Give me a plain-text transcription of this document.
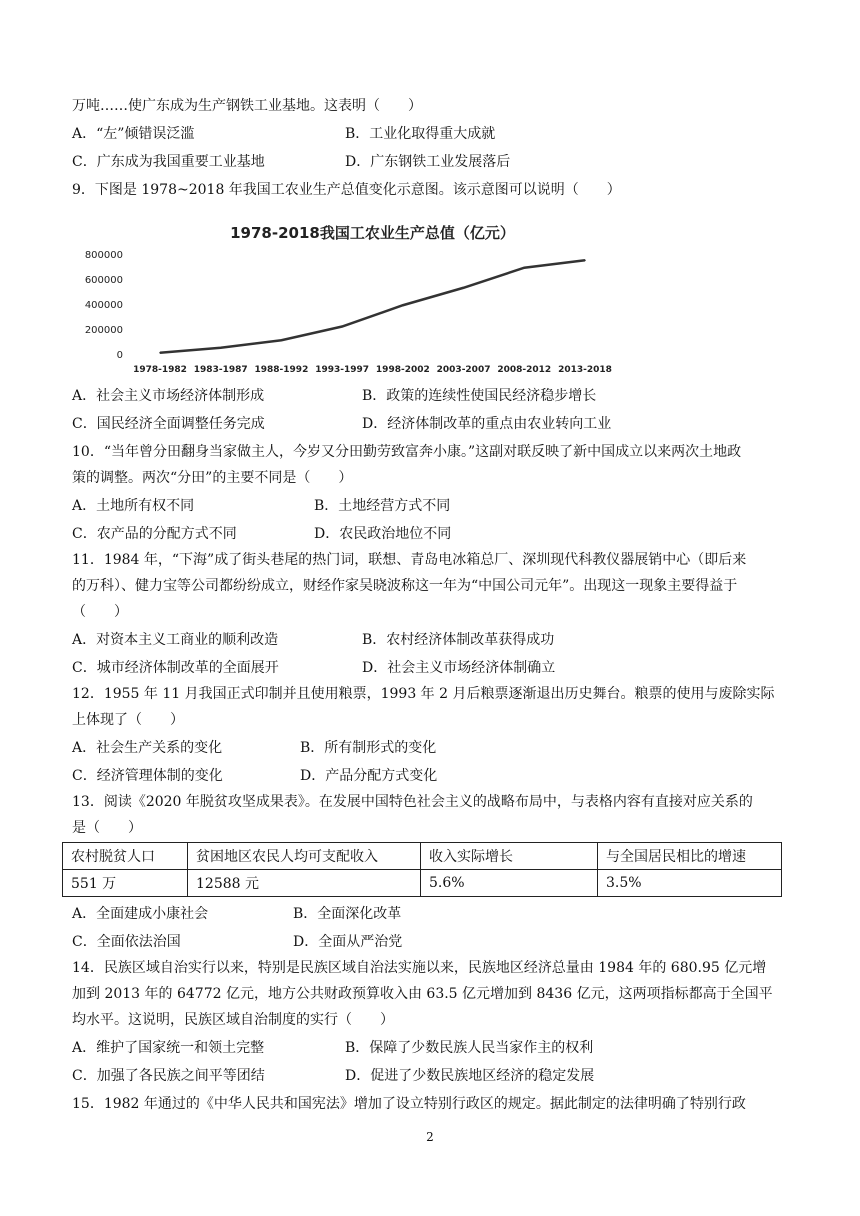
万吨……使广东成为生产钢铁工业基地。这表明（　　）
A．“左”倾错误泛滥	B．工业化取得重大成就
C．广东成为我国重要工业基地	D．广东钢铁工业发展落后
9．下图是 1978~2018 年我国工农业生产总值变化示意图。该示意图可以说明（　　）
1978-2018我国工农业生产总值（亿元）
0
200000
400000
600000
800000
1978-1982 1983-1987 1988-1992 1993-1997 1998-2002 2003-2007 2008-2012 2013-2018
A．社会主义市场经济体制形成	B．政策的连续性使国民经济稳步增长
C．国民经济全面调整任务完成	D．经济体制改革的重点由农业转向工业
10．“当年曾分田翻身当家做主人，今岁又分田勤劳致富奔小康。”这副对联反映了新中国成立以来两次土地政
策的调整。两次“分田”的主要不同是（　　）
A．土地所有权不同	B．土地经营方式不同
C．农产品的分配方式不同	D．农民政治地位不同
11．1984 年，“下海”成了街头巷尾的热门词，联想、青岛电冰箱总厂、深圳现代科教仪器展销中心（即后来
的万科）、健力宝等公司都纷纷成立，财经作家吴晓波称这一年为“中国公司元年”。出现这一现象主要得益于
（　　）
A．对资本主义工商业的顺利改造	B．农村经济体制改革获得成功
C．城市经济体制改革的全面展开	D．社会主义市场经济体制确立
12．1955 年 11 月我国正式印制并且使用粮票，1993 年 2 月后粮票逐渐退出历史舞台。粮票的使用与废除实际
上体现了（　　）
A．社会生产关系的变化	B．所有制形式的变化
C．经济管理体制的变化	D．产品分配方式变化
13．阅读《2020 年脱贫攻坚成果表》。在发展中国特色社会主义的战略布局中，与表格内容有直接对应关系的
是（　　）
农村脱贫人口	贫困地区农民人均可支配收入	收入实际增长	与全国居民相比的增速
551 万	12588 元	5.6%	3.5%
A．全面建成小康社会	B．全面深化改革
C．全面依法治国	D．全面从严治党
14．民族区域自治实行以来，特别是民族区域自治法实施以来，民族地区经济总量由 1984 年的 680.95 亿元增
加到 2013 年的 64772 亿元，地方公共财政预算收入由 63.5 亿元增加到 8436 亿元，这两项指标都高于全国平
均水平。这说明，民族区域自治制度的实行（　　）
A．维护了国家统一和领土完整	B．保障了少数民族人民当家作主的权利
C．加强了各民族之间平等团结	D．促进了少数民族地区经济的稳定发展
15．1982 年通过的《中华人民共和国宪法》增加了设立特别行政区的规定。据此制定的法律明确了特别行政
2
